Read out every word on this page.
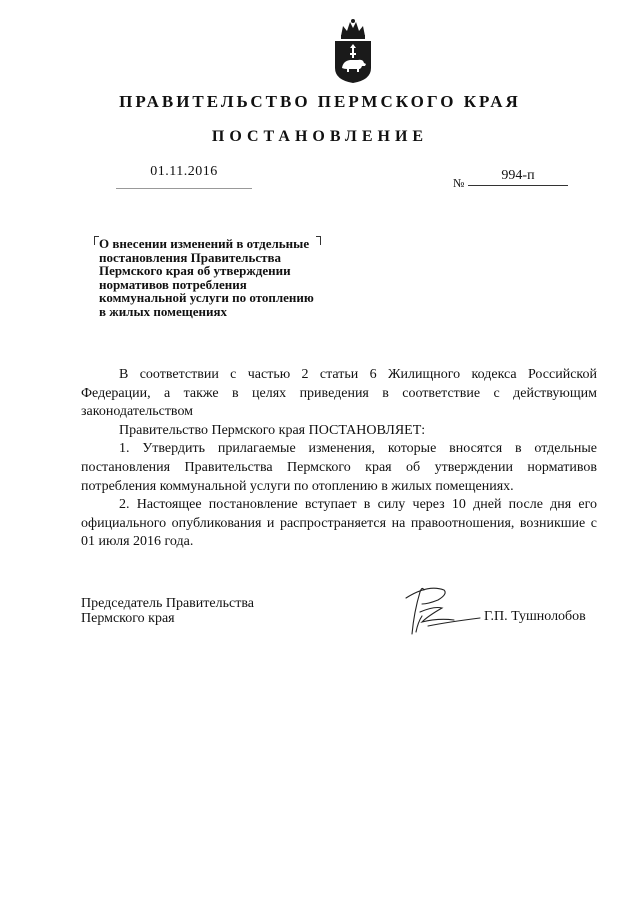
ПРАВИТЕЛЬСТВО ПЕРМСКОГО КРАЯ
ПОСТАНОВЛЕНИЕ
01.11.2016
№	994-п
О внесении изменений в отдельные
постановления Правительства
Пермского края об утверждении
нормативов потребления
коммунальной услуги по отоплению
в жилых помещениях

В соответствии с частью 2 статьи 6 Жилищного кодекса Российской Федерации, а также в целях приведения в соответствие с действующим законодательством

Правительство Пермского края ПОСТАНОВЛЯЕТ:

1. Утвердить прилагаемые изменения, которые вносятся в отдельные постановления Правительства Пермского края об утверждении нормативов потребления коммунальной услуги по отоплению в жилых помещениях.

2. Настоящее постановление вступает в силу через 10 дней после дня его официального опубликования и распространяется на правоотношения, возникшие с 01 июля 2016 года.

Председатель Правительства
Пермского края	Г.П. Тушнолобов
